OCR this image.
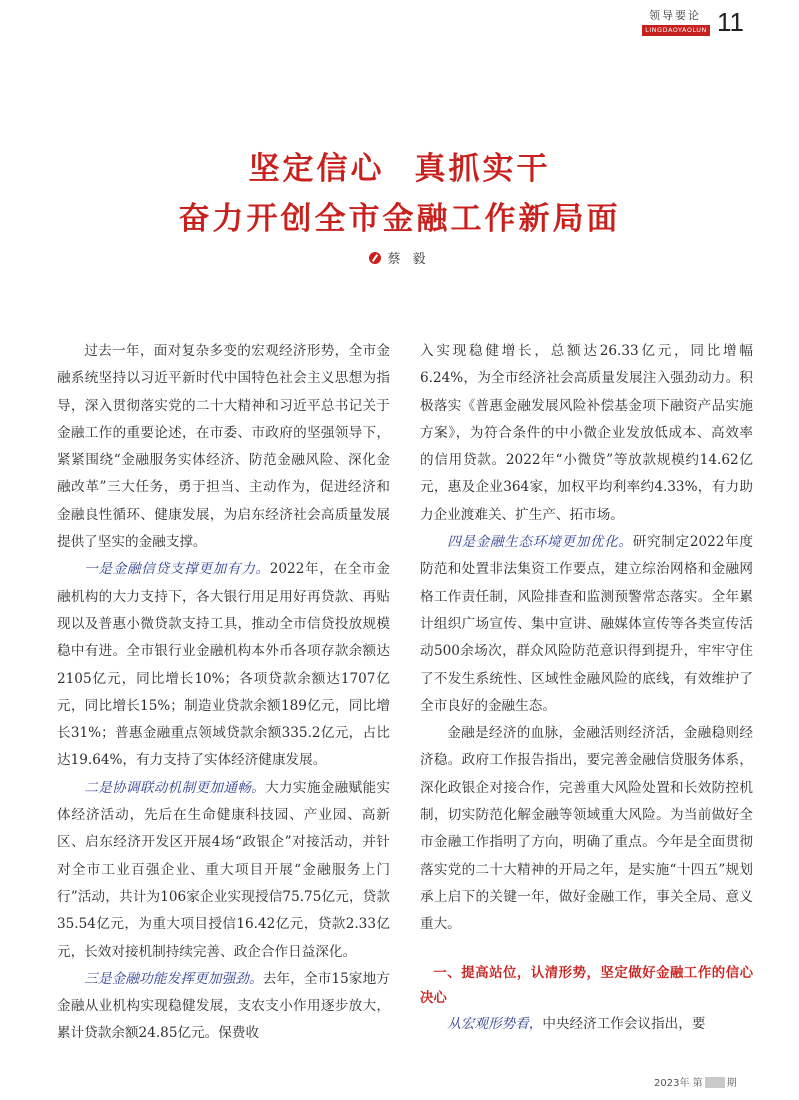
领导要论
LINGDAOYAOLUN 11
坚定信心 真抓实干
奋力开创全市金融工作新局面
蔡 毅

过去一年，面对复杂多变的宏观经济形势，全市金融系统坚持以习近平新时代中国特色社会主义思想为指导，深入贯彻落实党的二十大精神和习近平总书记关于金融工作的重要论述，在市委、市政府的坚强领导下，紧紧围绕“金融服务实体经济、防范金融风险、深化金融改革”三大任务，勇于担当、主动作为，促进经济和金融良性循环、健康发展，为启东经济社会高质量发展提供了坚实的金融支撑。

一是金融信贷支撑更加有力。2022年，在全市金融机构的大力支持下，各大银行用足用好再贷款、再贴现以及普惠小微贷款支持工具，推动全市信贷投放规模稳中有进。全市银行业金融机构本外币各项存款余额达2105亿元，同比增长10%；各项贷款余额达1707亿元，同比增长15%；制造业贷款余额189亿元，同比增长31%；普惠金融重点领域贷款余额335.2亿元，占比达19.64%，有力支持了实体经济健康发展。

二是协调联动机制更加通畅。大力实施金融赋能实体经济活动，先后在生命健康科技园、产业园、高新区、启东经济开发区开展4场“政银企”对接活动，并针对全市工业百强企业、重大项目开展“金融服务上门行”活动，共计为106家企业实现授信75.75亿元，贷款35.54亿元，为重大项目授信16.42亿元，贷款2.33亿元，长效对接机制持续完善、政企合作日益深化。

三是金融功能发挥更加强劲。去年，全市15家地方金融从业机构实现稳健发展，支农支小作用逐步放大，累计贷款余额24.85亿元。保费收

入实现稳健增长，总额达26.33亿元，同比增幅6.24%，为全市经济社会高质量发展注入强劲动力。积极落实《普惠金融发展风险补偿基金项下融资产品实施方案》，为符合条件的中小微企业发放低成本、高效率的信用贷款。2022年“小微贷”等放款规模约14.62亿元，惠及企业364家，加权平均利率约4.33%，有力助力企业渡难关、扩生产、拓市场。

四是金融生态环境更加优化。研究制定2022年度防范和处置非法集资工作要点，建立综治网格和金融网格工作责任制，风险排查和监测预警常态落实。全年累计组织广场宣传、集中宣讲、融媒体宣传等各类宣传活动500余场次，群众风险防范意识得到提升，牢牢守住了不发生系统性、区域性金融风险的底线，有效维护了全市良好的金融生态。

金融是经济的血脉，金融活则经济活，金融稳则经济稳。政府工作报告指出，要完善金融信贷服务体系，深化政银企对接合作，完善重大风险处置和长效防控机制，切实防范化解金融等领域重大风险。为当前做好全市金融工作指明了方向，明确了重点。今年是全面贯彻落实党的二十大精神的开局之年，是实施“十四五”规划承上启下的关键一年，做好金融工作，事关全局、意义重大。

一、提高站位，认清形势，坚定做好金融工作的信心决心

从宏观形势看，中央经济工作会议指出，要

2023年 第 期
